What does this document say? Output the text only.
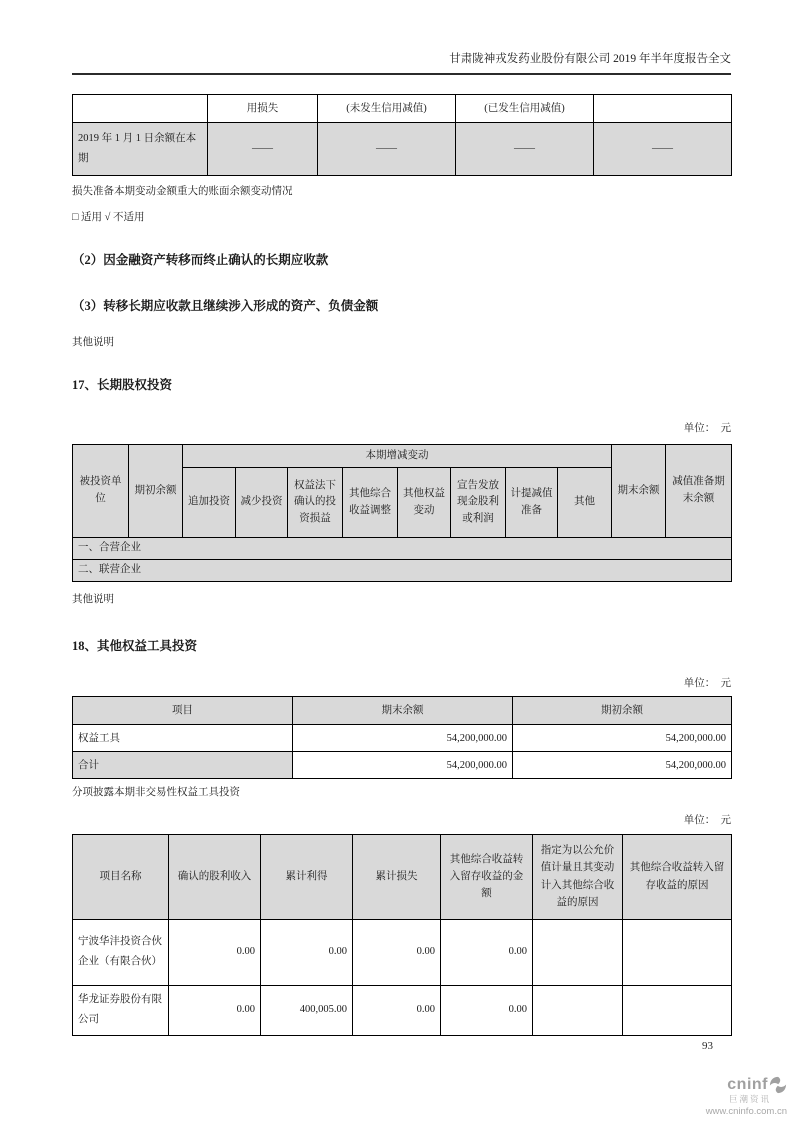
甘肃陇神戎发药业股份有限公司 2019 年半年度报告全文
	用损失	(未发生信用减值)	(已发生信用减值)	
2019 年 1 月 1 日余额在本期	——	——	——	——

损失准备本期变动金额重大的账面余额变动情况

□ 适用 √ 不适用

（2）因金融资产转移而终止确认的长期应收款

（3）转移长期应收款且继续涉入形成的资产、负债金额

其他说明

17、长期股权投资

单位：  元

被投资单位	期初余额	本期增减变动								期末余额	减值准备期末余额
		追加投资	减少投资	权益法下确认的投资损益	其他综合收益调整	其他权益变动	宣告发放现金股利或利润	计提减值准备	其他		
一、合营企业											
二、联营企业											

其他说明

18、其他权益工具投资

单位：  元

项目	期末余额	期初余额
权益工具	54,200,000.00	54,200,000.00
合计	54,200,000.00	54,200,000.00

分项披露本期非交易性权益工具投资

单位：  元

项目名称	确认的股利收入	累计利得	累计损失	其他综合收益转入留存收益的金额	指定为以公允价值计量且其变动计入其他综合收益的原因	其他综合收益转入留存收益的原因
宁波华沣投资合伙企业（有限合伙）	0.00	0.00	0.00	0.00		
华龙证券股份有限公司	0.00	400,005.00	0.00	0.00		
93
cninf
巨潮资讯
www.cninfo.com.cn
